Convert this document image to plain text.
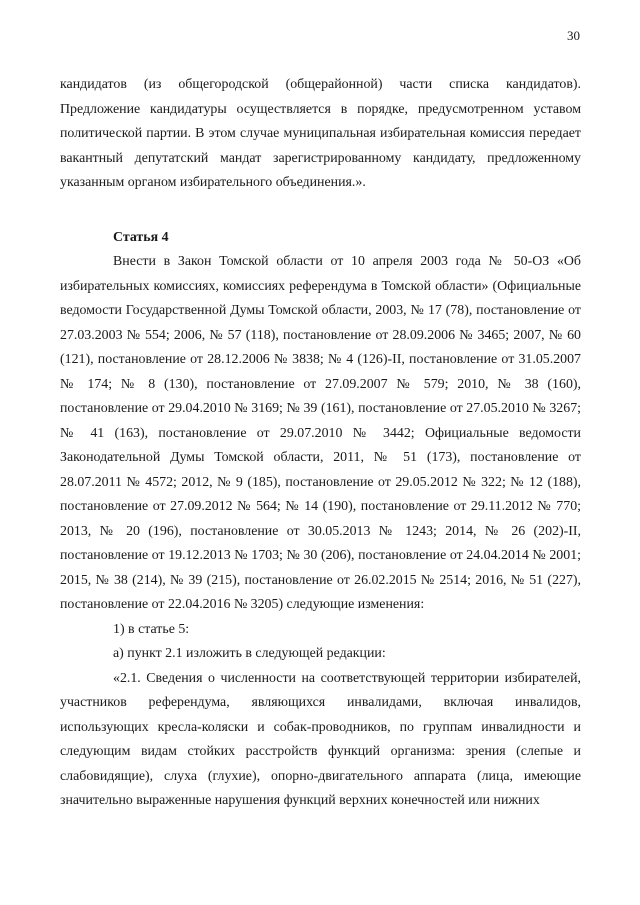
30

кандидатов (из общегородской (общерайонной) части списка кандидатов). Предложение кандидатуры осуществляется в порядке, предусмотренном уставом политической партии. В этом случае муниципальная избирательная комиссия передает вакантный депутатский мандат зарегистрированному кандидату, предложенному указанным органом избирательного объединения.».

Статья 4

Внести в Закон Томской области от 10 апреля 2003 года № 50-ОЗ «Об избирательных комиссиях, комиссиях референдума в Томской области» (Официальные ведомости Государственной Думы Томской области, 2003, № 17 (78), постановление от 27.03.2003 № 554; 2006, № 57 (118), постановление от 28.09.2006 № 3465; 2007, № 60 (121), постановление от 28.12.2006 № 3838; № 4 (126)-II, постановление от 31.05.2007 № 174; № 8 (130), постановление от 27.09.2007 № 579; 2010, № 38 (160), постановление от 29.04.2010 № 3169; № 39 (161), постановление от 27.05.2010 № 3267; № 41 (163), постановление от 29.07.2010 № 3442; Официальные ведомости Законодательной Думы Томской области, 2011, № 51 (173), постановление от 28.07.2011 № 4572; 2012, № 9 (185), постановление от 29.05.2012 № 322; № 12 (188), постановление от 27.09.2012 № 564; № 14 (190), постановление от 29.11.2012 № 770; 2013, № 20 (196), постановление от 30.05.2013 № 1243; 2014, № 26 (202)-II, постановление от 19.12.2013 № 1703; № 30 (206), постановление от 24.04.2014 № 2001; 2015, № 38 (214), № 39 (215), постановление от 26.02.2015 № 2514; 2016, № 51 (227), постановление от 22.04.2016 № 3205) следующие изменения:

1) в статье 5:

а) пункт 2.1 изложить в следующей редакции:

«2.1. Сведения о численности на соответствующей территории избирателей, участников референдума, являющихся инвалидами, включая инвалидов, использующих кресла-коляски и собак-проводников, по группам инвалидности и следующим видам стойких расстройств функций организма: зрения (слепые и слабовидящие), слуха (глухие), опорно-двигательного аппарата (лица, имеющие значительно выраженные нарушения функций верхних конечностей или нижних
